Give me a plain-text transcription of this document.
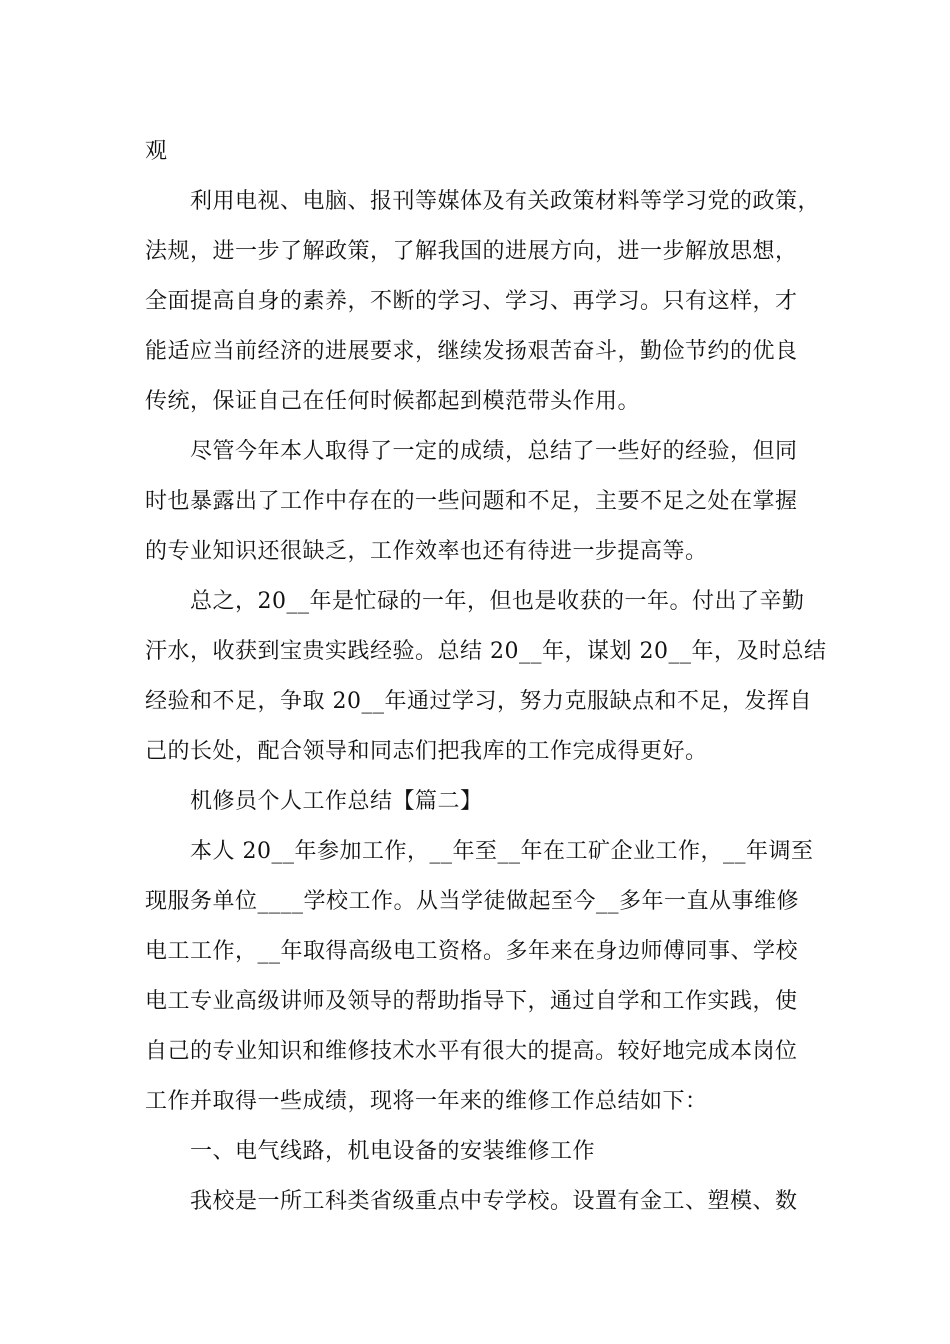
观
利用电视、电脑、报刊等媒体及有关政策材料等学习党的政策，
法规，进一步了解政策，了解我国的进展方向，进一步解放思想，
全面提高自身的素养，不断的学习、学习、再学习。只有这样，才
能适应当前经济的进展要求，继续发扬艰苦奋斗，勤俭节约的优良
传统，保证自己在任何时候都起到模范带头作用。
尽管今年本人取得了一定的成绩，总结了一些好的经验，但同
时也暴露出了工作中存在的一些问题和不足，主要不足之处在掌握
的专业知识还很缺乏，工作效率也还有待进一步提高等。
总之，20__年是忙碌的一年，但也是收获的一年。付出了辛勤
汗水，收获到宝贵实践经验。总结 20__年，谋划 20__年，及时总结
经验和不足，争取 20__年通过学习，努力克服缺点和不足，发挥自
己的长处，配合领导和同志们把我库的工作完成得更好。
机修员个人工作总结【篇二】
本人 20__年参加工作，__年至__年在工矿企业工作，__年调至
现服务单位____学校工作。从当学徒做起至今__多年一直从事维修
电工工作，__年取得高级电工资格。多年来在身边师傅同事、学校
电工专业高级讲师及领导的帮助指导下，通过自学和工作实践，使
自己的专业知识和维修技术水平有很大的提高。较好地完成本岗位
工作并取得一些成绩，现将一年来的维修工作总结如下：
一、电气线路，机电设备的安装维修工作
我校是一所工科类省级重点中专学校。设置有金工、塑模、数
